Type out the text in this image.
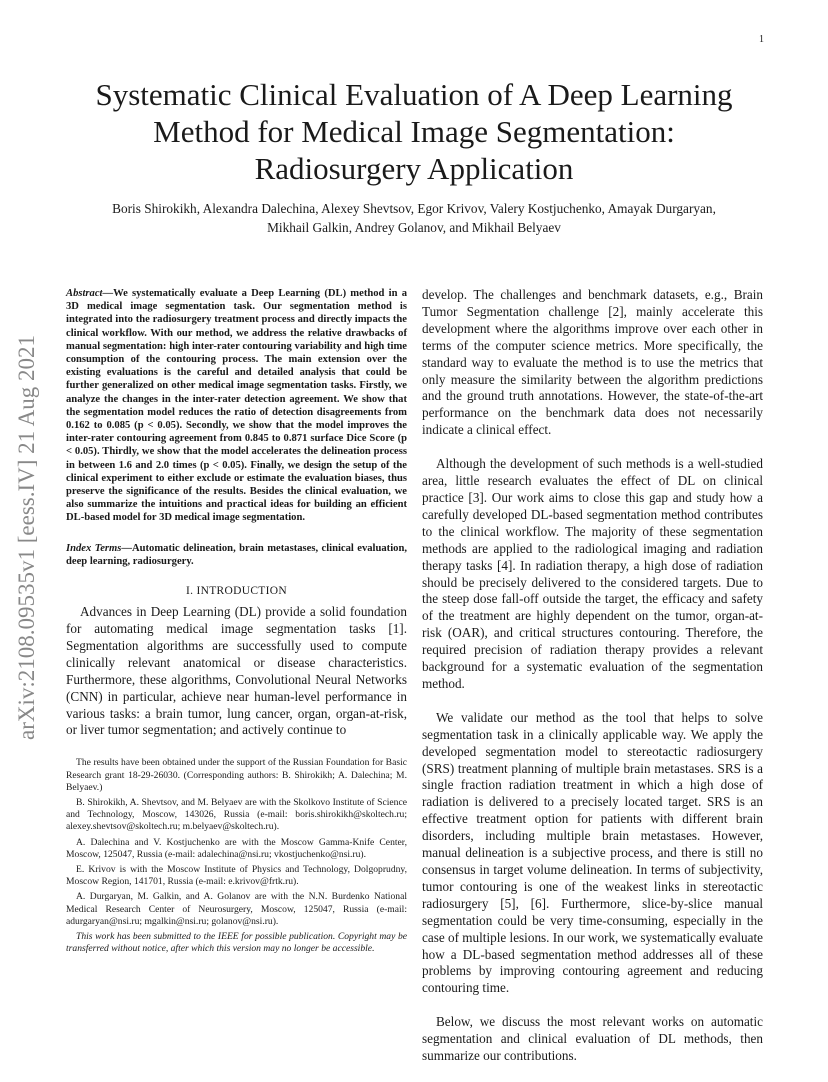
1
arXiv:2108.09535v1 [eess.IV] 21 Aug 2021
Systematic Clinical Evaluation of A Deep Learning
Method for Medical Image Segmentation:
Radiosurgery Application
Boris Shirokikh, Alexandra Dalechina, Alexey Shevtsov, Egor Krivov, Valery Kostjuchenko, Amayak Durgaryan,
Mikhail Galkin, Andrey Golanov, and Mikhail Belyaev

Abstract—We systematically evaluate a Deep Learning (DL) method in a 3D medical image segmentation task. Our segmentation method is integrated into the radiosurgery treatment process and directly impacts the clinical workflow. With our method, we address the relative drawbacks of manual segmentation: high inter-rater contouring variability and high time consumption of the contouring process. The main extension over the existing evaluations is the careful and detailed analysis that could be further generalized on other medical image segmentation tasks. Firstly, we analyze the changes in the inter-rater detection agreement. We show that the segmentation model reduces the ratio of detection disagreements from 0.162 to 0.085 (p < 0.05). Secondly, we show that the model improves the inter-rater contouring agreement from 0.845 to 0.871 surface Dice Score (p < 0.05). Thirdly, we show that the model accelerates the delineation process in between 1.6 and 2.0 times (p < 0.05). Finally, we design the setup of the clinical experiment to either exclude or estimate the evaluation biases, thus preserve the significance of the results. Besides the clinical evaluation, we also summarize the intuitions and practical ideas for building an efficient DL-based model for 3D medical image segmentation.

Index Terms—Automatic delineation, brain metastases, clinical evaluation, deep learning, radiosurgery.

I. INTRODUCTION

Advances in Deep Learning (DL) provide a solid foundation for automating medical image segmentation tasks [1]. Segmentation algorithms are successfully used to compute clinically relevant anatomical or disease characteristics. Furthermore, these algorithms, Convolutional Neural Networks (CNN) in particular, achieve near human-level performance in various tasks: a brain tumor, lung cancer, organ, organ-at-risk, or liver tumor segmentation; and actively continue to

The results have been obtained under the support of the Russian Foundation for Basic Research grant 18-29-26030. (Corresponding authors: B. Shirokikh; A. Dalechina; M. Belyaev.)

B. Shirokikh, A. Shevtsov, and M. Belyaev are with the Skolkovo Institute of Science and Technology, Moscow, 143026, Russia (e-mail: boris.shirokikh@skoltech.ru; alexey.shevtsov@skoltech.ru; m.belyaev@skoltech.ru).

A. Dalechina and V. Kostjuchenko are with the Moscow Gamma-Knife Center, Moscow, 125047, Russia (e-mail: adalechina@nsi.ru; vkostjuchenko@nsi.ru).

E. Krivov is with the Moscow Institute of Physics and Technology, Dolgoprudny, Moscow Region, 141701, Russia (e-mail: e.krivov@frtk.ru).

A. Durgaryan, M. Galkin, and A. Golanov are with the N.N. Burdenko National Medical Research Center of Neurosurgery, Moscow, 125047, Russia (e-mail: adurgaryan@nsi.ru; mgalkin@nsi.ru; golanov@nsi.ru).

This work has been submitted to the IEEE for possible publication. Copyright may be transferred without notice, after which this version may no longer be accessible.

develop. The challenges and benchmark datasets, e.g., Brain Tumor Segmentation challenge [2], mainly accelerate this development where the algorithms improve over each other in terms of the computer science metrics. More specifically, the standard way to evaluate the method is to use the metrics that only measure the similarity between the algorithm predictions and the ground truth annotations. However, the state-of-the-art performance on the benchmark data does not necessarily indicate a clinical effect.

Although the development of such methods is a well-studied area, little research evaluates the effect of DL on clinical practice [3]. Our work aims to close this gap and study how a carefully developed DL-based segmentation method contributes to the clinical workflow. The majority of these segmentation methods are applied to the radiological imaging and radiation therapy tasks [4]. In radiation therapy, a high dose of radiation should be precisely delivered to the considered targets. Due to the steep dose fall-off outside the target, the efficacy and safety of the treatment are highly dependent on the tumor, organ-at-risk (OAR), and critical structures contouring. Therefore, the required precision of radiation therapy provides a relevant background for a systematic evaluation of the segmentation method.

We validate our method as the tool that helps to solve segmentation task in a clinically applicable way. We apply the developed segmentation model to stereotactic radiosurgery (SRS) treatment planning of multiple brain metastases. SRS is a single fraction radiation treatment in which a high dose of radiation is delivered to a precisely located target. SRS is an effective treatment option for patients with different brain disorders, including multiple brain metastases. However, manual delineation is a subjective process, and there is still no consensus in target volume delineation. In terms of subjectivity, tumor contouring is one of the weakest links in stereotactic radiosurgery [5], [6]. Furthermore, slice-by-slice manual segmentation could be very time-consuming, especially in the case of multiple lesions. In our work, we systematically evaluate how a DL-based segmentation method addresses all of these problems by improving contouring agreement and reducing contouring time.

Below, we discuss the most relevant works on automatic segmentation and clinical evaluation of DL methods, then summarize our contributions.
